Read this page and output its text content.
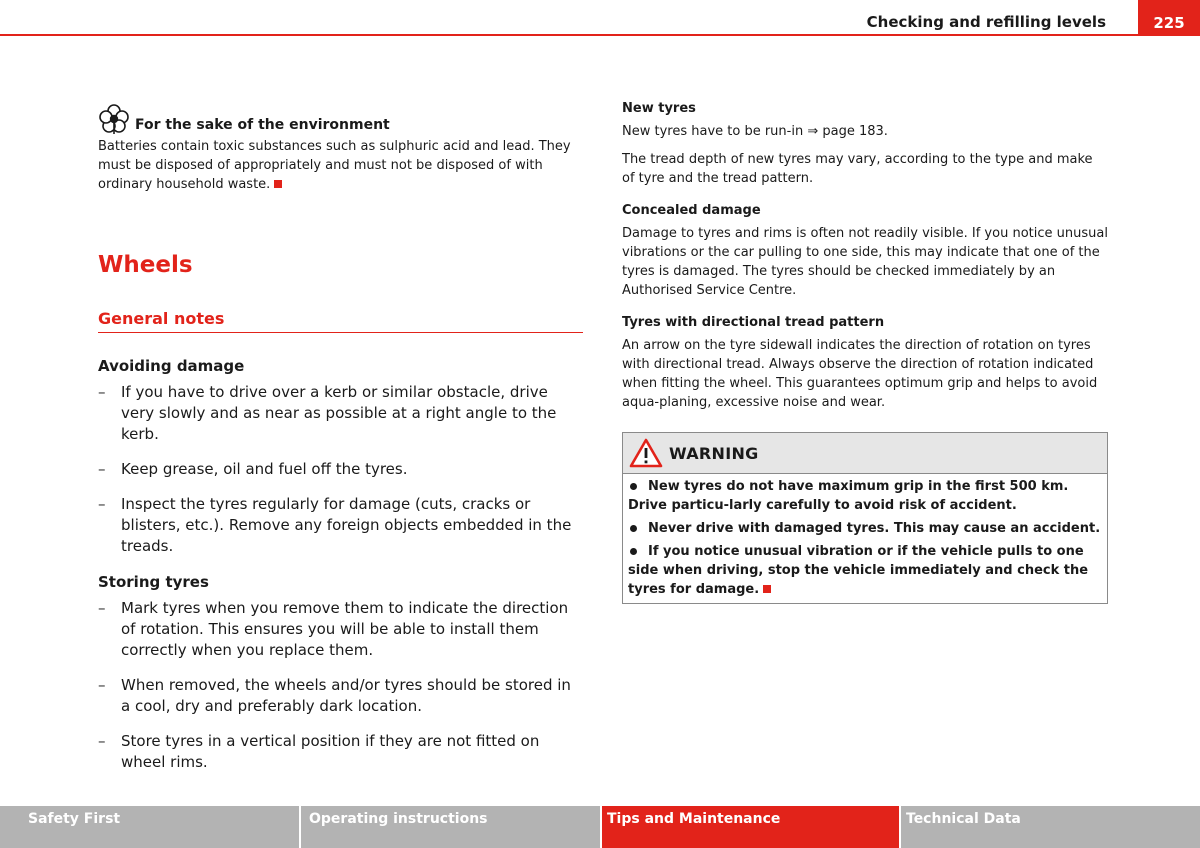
Checking and refilling levels	225
For the sake of the environment

Batteries contain toxic substances such as sulphuric acid and lead. They must be disposed of appropriately and must not be disposed of with ordinary household waste.

Wheels
General notes
Avoiding damage
– If you have to drive over a kerb or similar obstacle, drive very slowly and as near as possible at a right angle to the kerb.
– Keep grease, oil and fuel off the tyres.
– Inspect the tyres regularly for damage (cuts, cracks or blisters, etc.). Remove any foreign objects embedded in the treads.
Storing tyres
– Mark tyres when you remove them to indicate the direction of rotation. This ensures you will be able to install them correctly when you replace them.
– When removed, the wheels and/or tyres should be stored in a cool, dry and preferably dark location.
– Store tyres in a vertical position if they are not fitted on wheel rims.
New tyres

New tyres have to be run-in ⇒ page 183.

The tread depth of new tyres may vary, according to the type and make of tyre and the tread pattern.

Concealed damage

Damage to tyres and rims is often not readily visible. If you notice unusual vibrations or the car pulling to one side, this may indicate that one of the tyres is damaged. The tyres should be checked immediately by an Authorised Service Centre.

Tyres with directional tread pattern

An arrow on the tyre sidewall indicates the direction of rotation on tyres with directional tread. Always observe the direction of rotation indicated when fitting the wheel. This guarantees optimum grip and helps to avoid aqua-planing, excessive noise and wear.

WARNING

New tyres do not have maximum grip in the first 500 km. Drive particu-larly carefully to avoid risk of accident.

Never drive with damaged tyres. This may cause an accident.

If you notice unusual vibration or if the vehicle pulls to one side when driving, stop the vehicle immediately and check the tyres for damage.

Safety First	Operating instructions	Tips and Maintenance	Technical Data
